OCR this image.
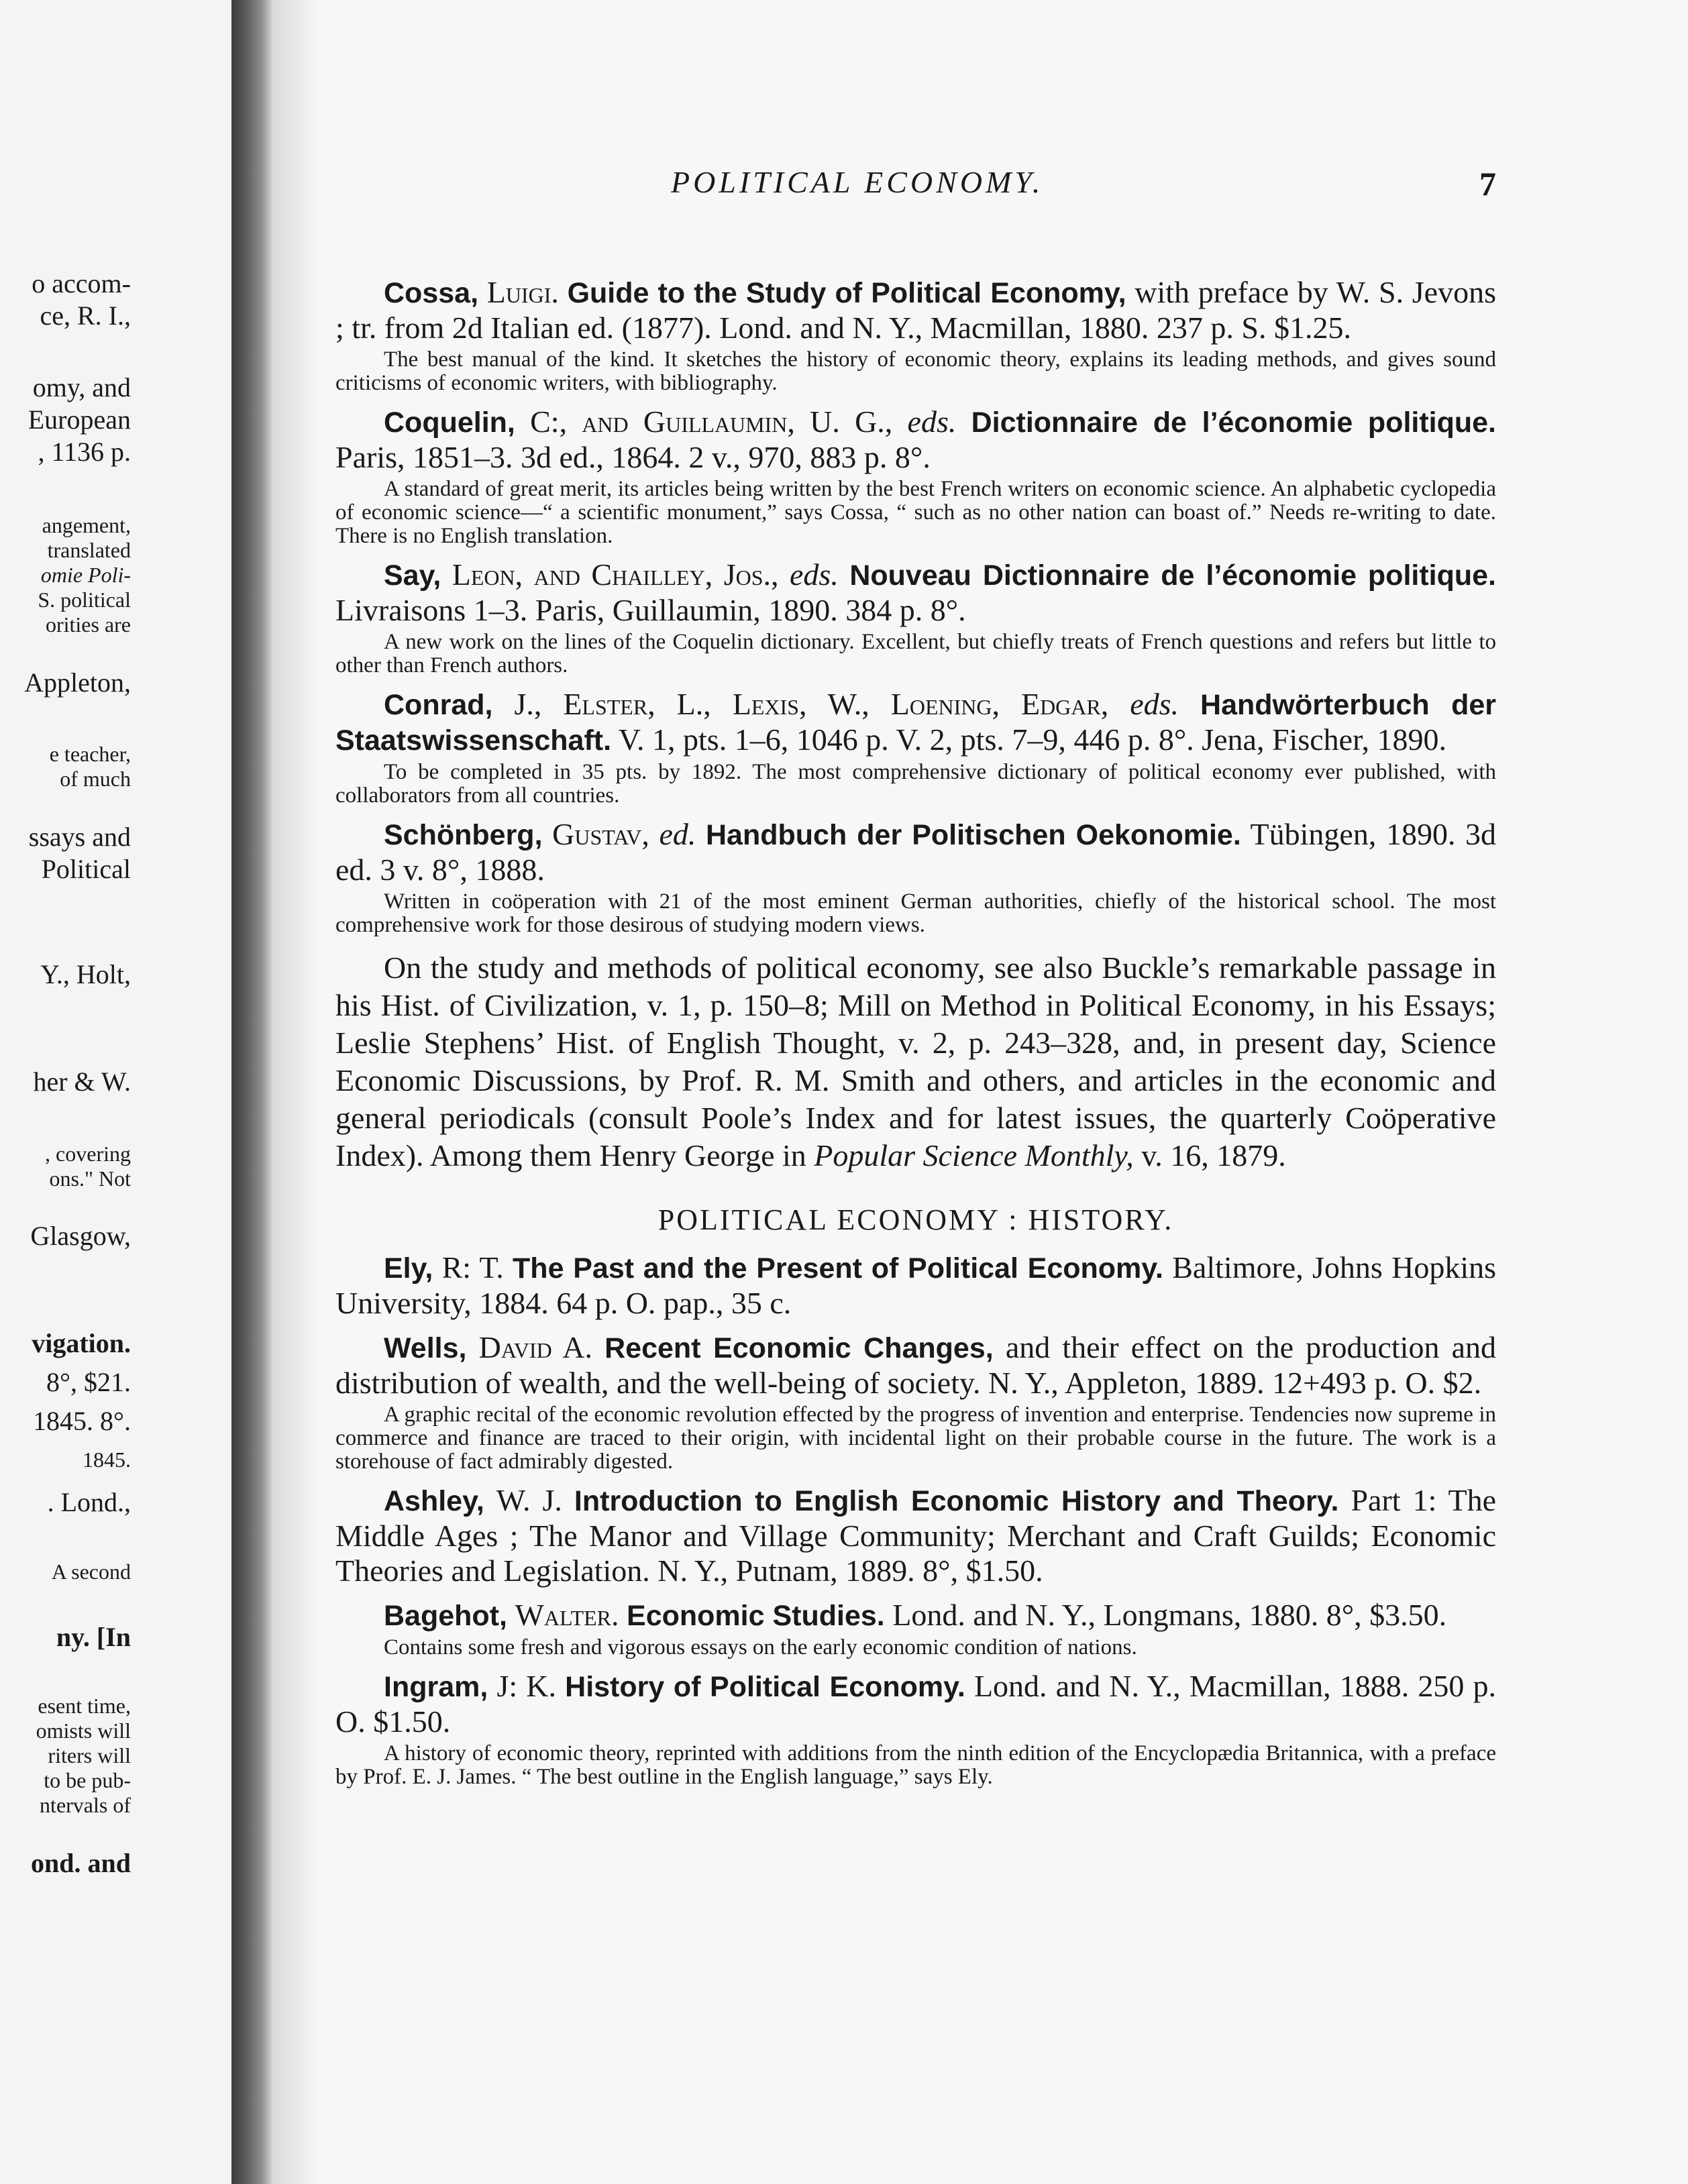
o accom-
ce, R. I.,
omy, and
European
, 1136 p.
angement,
translated
omie Poli-
S. political
orities are
Appleton,
e teacher,
of much
ssays and
Political
Y., Holt,
her & W.
, covering
ons." Not
Glasgow,
vigation.
8°, $21.
1845. 8°.
1845.
. Lond.,
A second
ny. [In
esent time,
omists will
riters will
to be pub-
ntervals of
ond. and
POLITICAL ECONOMY.	7

Cossa, Luigi. Guide to the Study of Political Economy, with preface by W. S. Jevons ; tr. from 2d Italian ed. (1877). Lond. and N. Y., Macmillan, 1880. 237 p. S. $1.25.

The best manual of the kind. It sketches the history of economic theory, explains its leading methods, and gives sound criticisms of economic writers, with bibliography.

Coquelin, C:, and Guillaumin, U. G., eds. Dictionnaire de l’économie politique. Paris, 1851–3. 3d ed., 1864. 2 v., 970, 883 p. 8°.

A standard of great merit, its articles being written by the best French writers on economic science. An alphabetic cyclopedia of economic science—“ a scientific monument,” says Cossa, “ such as no other nation can boast of.” Needs re-writing to date. There is no English translation.

Say, Leon, and Chailley, Jos., eds. Nouveau Dictionnaire de l’économie politique. Livraisons 1–3. Paris, Guillaumin, 1890. 384 p. 8°.

A new work on the lines of the Coquelin dictionary. Excellent, but chiefly treats of French questions and refers but little to other than French authors.

Conrad, J., Elster, L., Lexis, W., Loening, Edgar, eds. Handwörterbuch der Staatswissenschaft. V. 1, pts. 1–6, 1046 p. V. 2, pts. 7–9, 446 p. 8°. Jena, Fischer, 1890.

To be completed in 35 pts. by 1892. The most comprehensive dictionary of political economy ever published, with collaborators from all countries.

Schönberg, Gustav, ed. Handbuch der Politischen Oekonomie. Tübingen, 1890. 3d ed. 3 v. 8°, 1888.

Written in coöperation with 21 of the most eminent German authorities, chiefly of the historical school. The most comprehensive work for those desirous of studying modern views.

On the study and methods of political economy, see also Buckle’s remarkable passage in his Hist. of Civilization, v. 1, p. 150–8; Mill on Method in Political Economy, in his Essays; Leslie Stephens’ Hist. of English Thought, v. 2, p. 243–328, and, in present day, Science Economic Discussions, by Prof. R. M. Smith and others, and articles in the economic and general periodicals (consult Poole’s Index and for latest issues, the quarterly Coöperative Index). Among them Henry George in Popular Science Monthly, v. 16, 1879.

POLITICAL ECONOMY : HISTORY.

Ely, R: T. The Past and the Present of Political Economy. Baltimore, Johns Hopkins University, 1884. 64 p. O. pap., 35 c.

Wells, David A. Recent Economic Changes, and their effect on the production and distribution of wealth, and the well-being of society. N. Y., Appleton, 1889. 12+493 p. O. $2.

A graphic recital of the economic revolution effected by the progress of invention and enterprise. Tendencies now supreme in commerce and finance are traced to their origin, with incidental light on their probable course in the future. The work is a storehouse of fact admirably digested.

Ashley, W. J. Introduction to English Economic History and Theory. Part 1: The Middle Ages ; The Manor and Village Community; Merchant and Craft Guilds; Economic Theories and Legislation. N. Y., Putnam, 1889. 8°, $1.50.

Bagehot, Walter. Economic Studies. Lond. and N. Y., Longmans, 1880. 8°, $3.50.

Contains some fresh and vigorous essays on the early economic condition of nations.

Ingram, J: K. History of Political Economy. Lond. and N. Y., Macmillan, 1888. 250 p. O. $1.50.

A history of economic theory, reprinted with additions from the ninth edition of the Encyclopædia Britannica, with a preface by Prof. E. J. James. “ The best outline in the English language,” says Ely.
